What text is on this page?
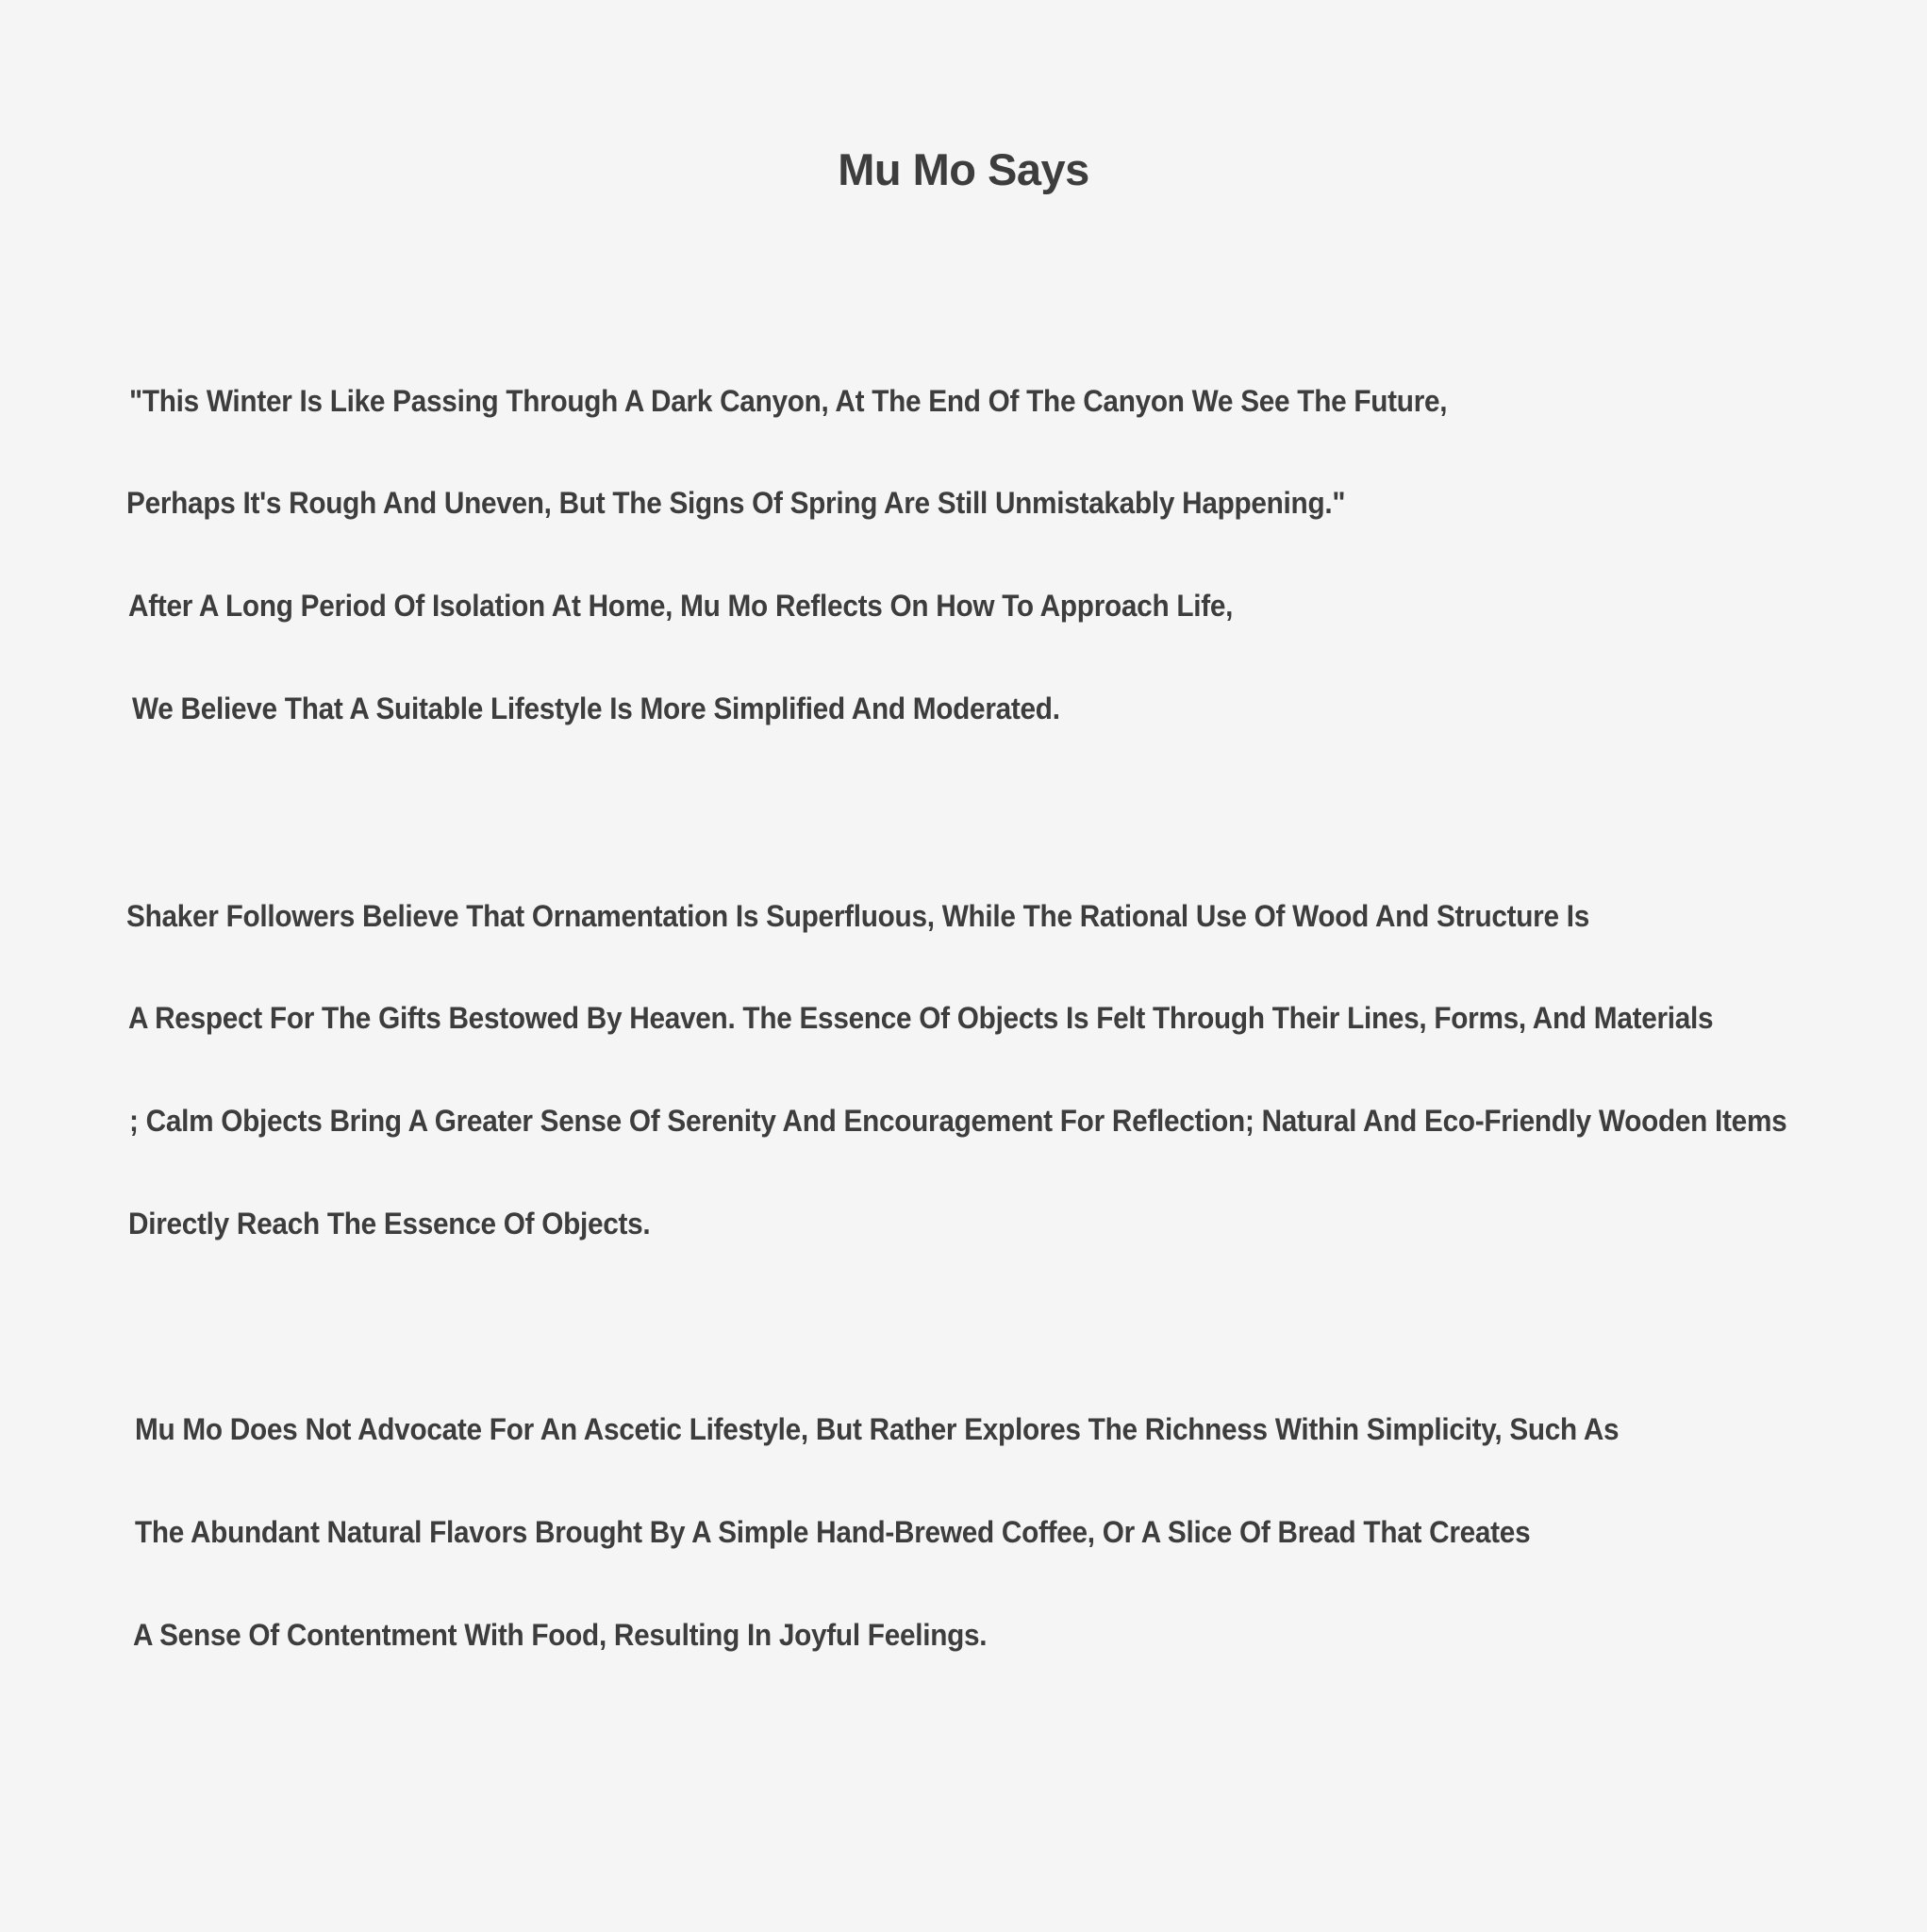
Mu Mo Says
"This Winter Is Like Passing Through A Dark Canyon, At The End Of The Canyon We See The Future,
Perhaps It's Rough And Uneven, But The Signs Of Spring Are Still Unmistakably Happening."
After A Long Period Of Isolation At Home, Mu Mo Reflects On How To Approach Life,
We Believe That A Suitable Lifestyle Is More Simplified And Moderated.
Shaker Followers Believe That Ornamentation Is Superfluous, While The Rational Use Of Wood And Structure Is
A Respect For The Gifts Bestowed By Heaven. The Essence Of Objects Is Felt Through Their Lines, Forms, And Materials
; Calm Objects Bring A Greater Sense Of Serenity And Encouragement For Reflection; Natural And Eco-Friendly Wooden Items
Directly Reach The Essence Of Objects.
Mu Mo Does Not Advocate For An Ascetic Lifestyle, But Rather Explores The Richness Within Simplicity, Such As
The Abundant Natural Flavors Brought By A Simple Hand-Brewed Coffee, Or A Slice Of Bread That Creates
A Sense Of Contentment With Food, Resulting In Joyful Feelings.
